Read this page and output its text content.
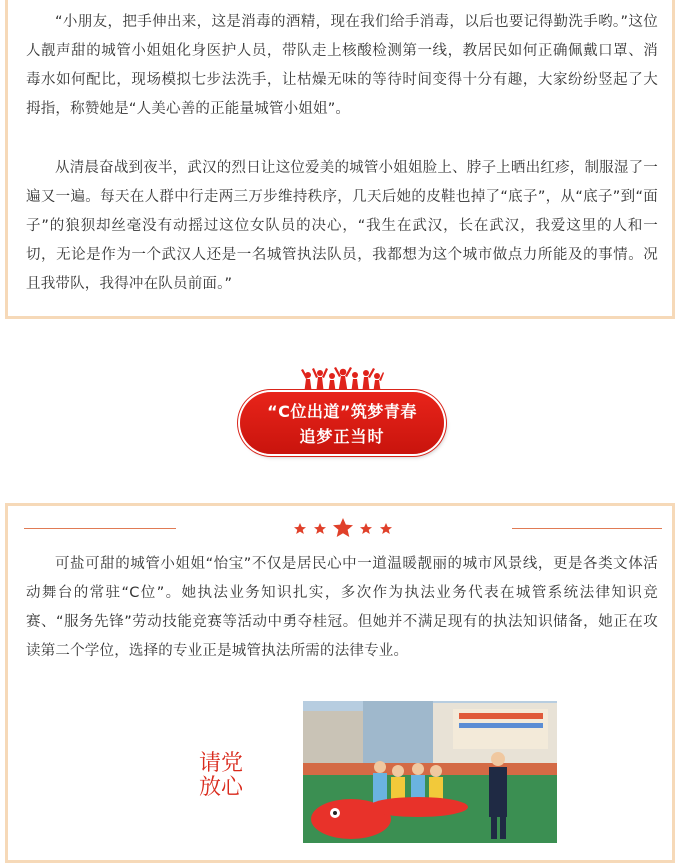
“小朋友，把手伸出来，这是消毒的酒精，现在我们给手消毒，以后也要记得勤洗手哟。”这位人靓声甜的城管小姐姐化身医护人员，带队走上核酸检测第一线，教居民如何正确佩戴口罩、消毒水如何配比，现场模拟七步法洗手，让枯燥无味的等待时间变得十分有趣，大家纷纷竖起了大拇指，称赞她是“人美心善的正能量城管小姐姐”。

从清晨奋战到夜半，武汉的烈日让这位爱美的城管小姐姐脸上、脖子上晒出红疹，制服湿了一遍又一遍。每天在人群中行走两三万步维持秩序，几天后她的皮鞋也掉了“底子”，从“底子”到“面子”的狼狈却丝毫没有动摇过这位女队员的决心，“我生在武汉，长在武汉，我爱这里的人和一切，无论是作为一个武汉人还是一名城管执法队员，我都想为这个城市做点力所能及的事情。况且我带队，我得冲在队员前面。”

“C位出道”筑梦青春
追梦正当时

可盐可甜的城管小姐姐“怡宝”不仅是居民心中一道温暖靓丽的城市风景线，更是各类文体活动舞台的常驻“C位”。她执法业务知识扎实，多次作为执法业务代表在城管系统法律知识竞赛、“服务先锋”劳动技能竞赛等活动中勇夺桂冠。但她并不满足现有的执法知识储备，她正在攻读第二个学位，选择的专业正是城管执法所需的法律专业。

请党
放心
